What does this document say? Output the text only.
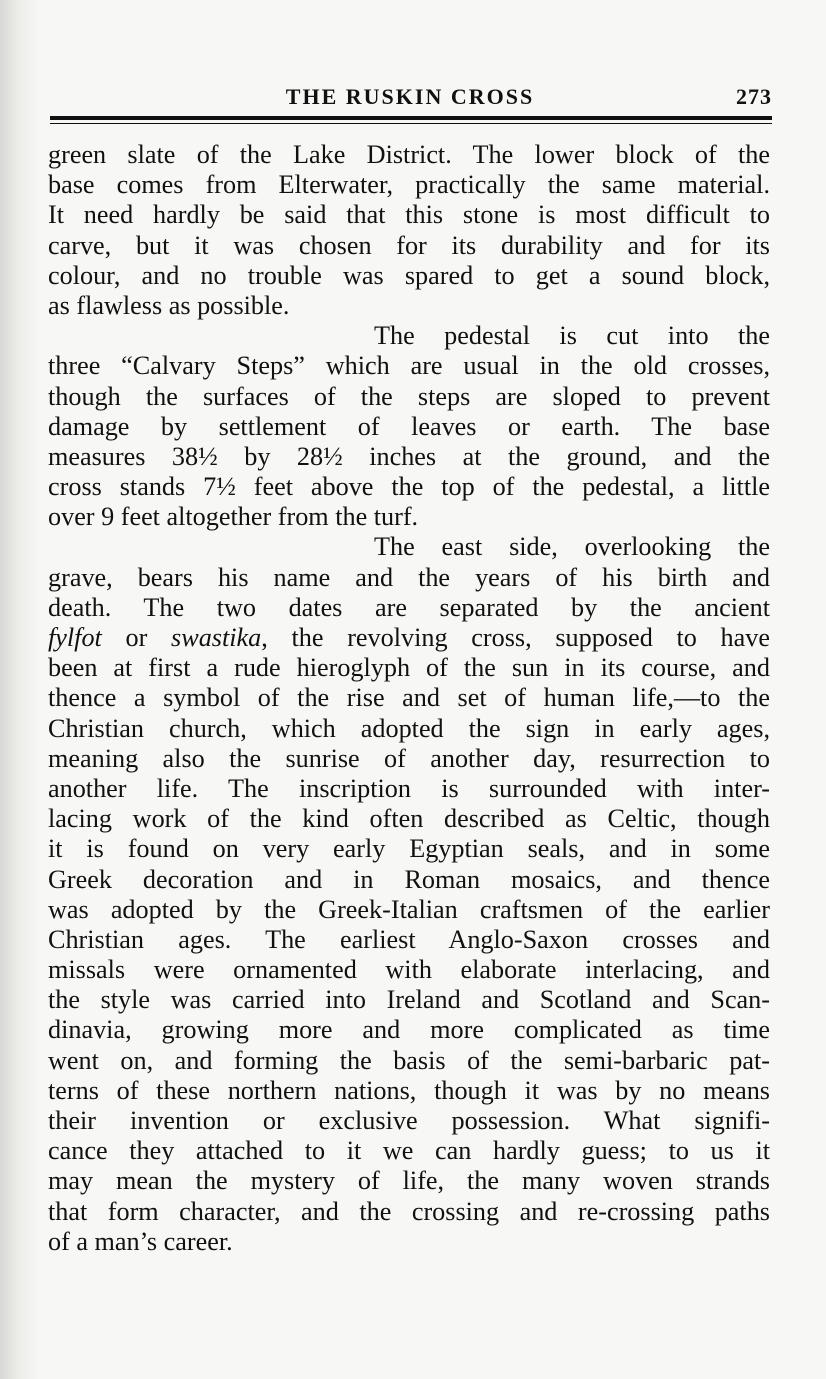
THE RUSKIN CROSS	273
green slate of the Lake District. The lower block of the
base comes from Elterwater, practically the same material.
It need hardly be said that this stone is most difficult to
carve, but it was chosen for its durability and for its
colour, and no trouble was spared to get a sound block,
as flawless as possible.
The pedestal is cut into the
three “Calvary Steps” which are usual in the old crosses,
though the surfaces of the steps are sloped to prevent
damage by settlement of leaves or earth. The base
measures 38½ by 28½ inches at the ground, and the
cross stands 7½ feet above the top of the pedestal, a little
over 9 feet altogether from the turf.
The east side, overlooking the
grave, bears his name and the years of his birth and
death. The two dates are separated by the ancient
fylfot or swastika, the revolving cross, supposed to have
been at first a rude hieroglyph of the sun in its course, and
thence a symbol of the rise and set of human life,—to the
Christian church, which adopted the sign in early ages,
meaning also the sunrise of another day, resurrection to
another life. The inscription is surrounded with inter-
lacing work of the kind often described as Celtic, though
it is found on very early Egyptian seals, and in some
Greek decoration and in Roman mosaics, and thence
was adopted by the Greek-Italian craftsmen of the earlier
Christian ages. The earliest Anglo-Saxon crosses and
missals were ornamented with elaborate interlacing, and
the style was carried into Ireland and Scotland and Scan-
dinavia, growing more and more complicated as time
went on, and forming the basis of the semi-barbaric pat-
terns of these northern nations, though it was by no means
their invention or exclusive possession. What signifi-
cance they attached to it we can hardly guess; to us it
may mean the mystery of life, the many woven strands
that form character, and the crossing and re-crossing paths
of a man’s career.
